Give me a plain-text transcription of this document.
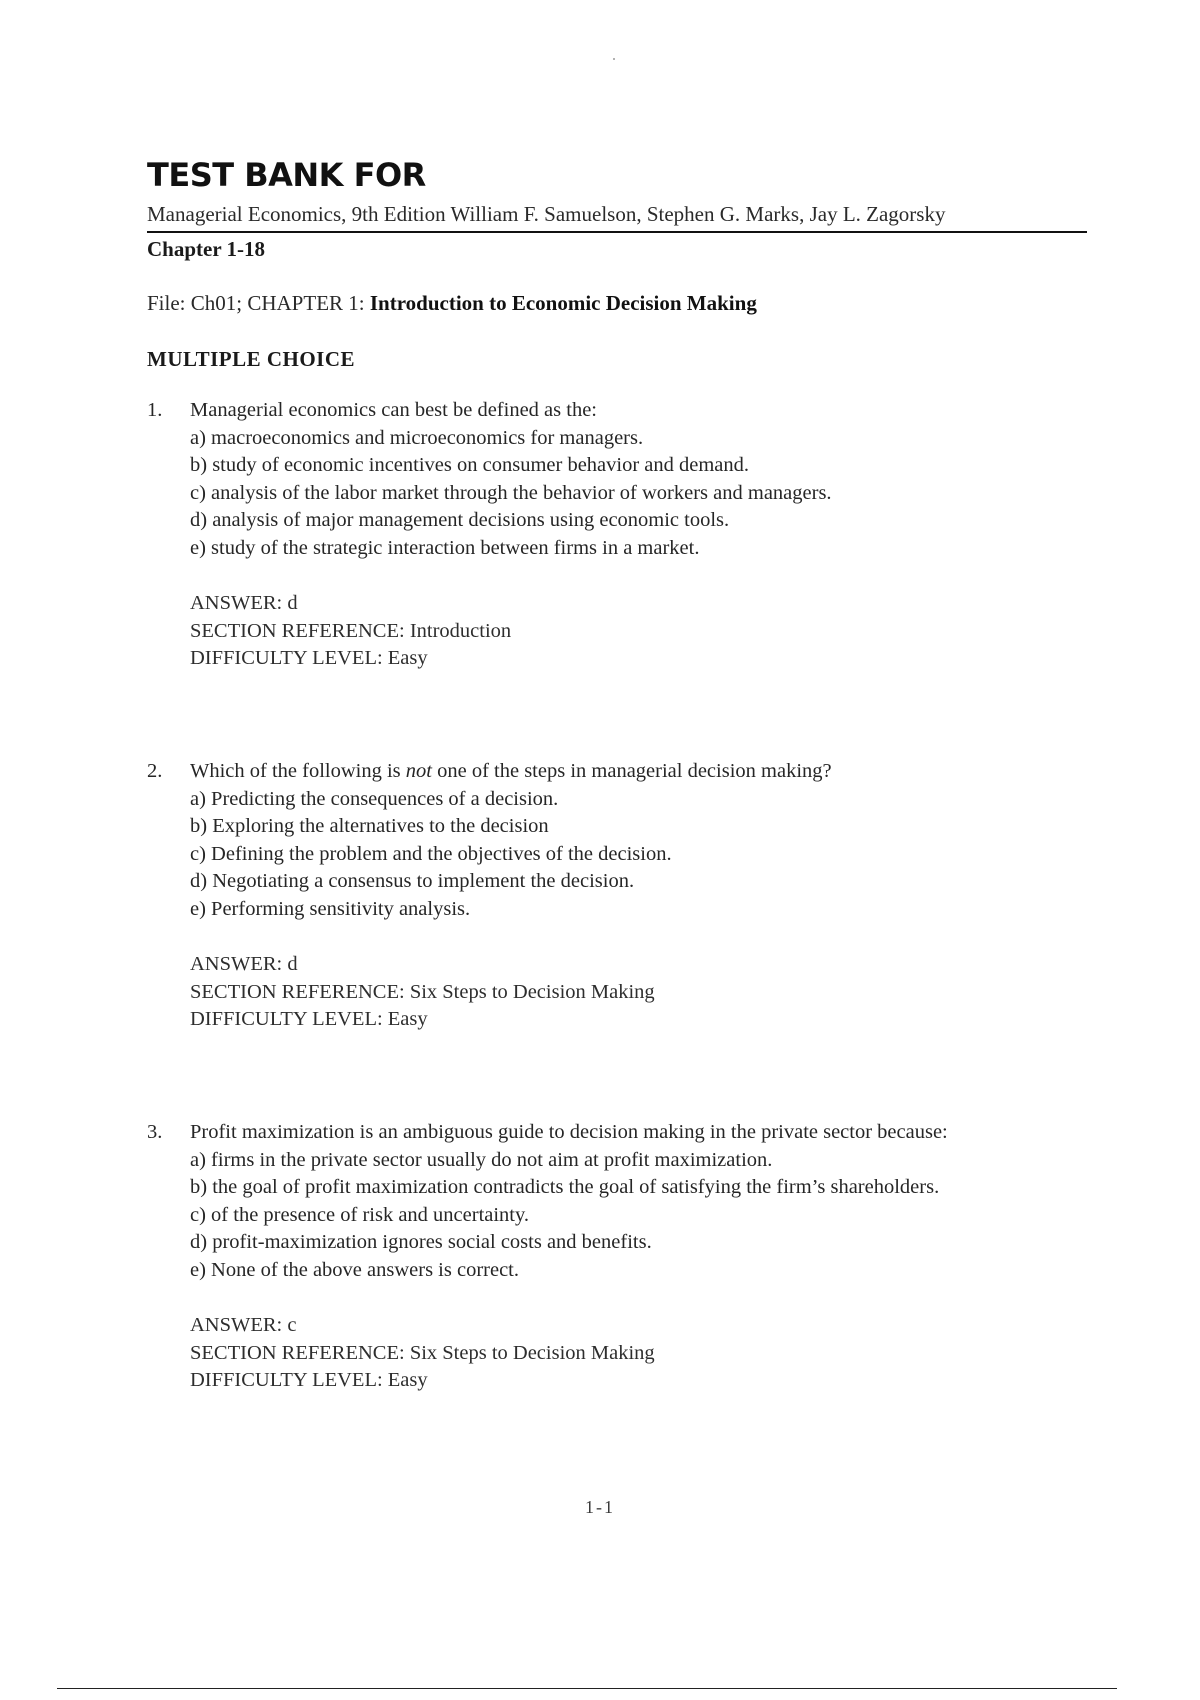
TEST BANK FOR
Managerial Economics, 9th Edition William F. Samuelson, Stephen G. Marks, Jay L. Zagorsky
Chapter 1-18
File: Ch01; CHAPTER 1: Introduction to Economic Decision Making
MULTIPLE CHOICE
1. Managerial economics can best be defined as the:
a) macroeconomics and microeconomics for managers.
b) study of economic incentives on consumer behavior and demand.
c) analysis of the labor market through the behavior of workers and managers.
d) analysis of major management decisions using economic tools.
e) study of the strategic interaction between firms in a market.
ANSWER: d
SECTION REFERENCE: Introduction
DIFFICULTY LEVEL: Easy
2. Which of the following is not one of the steps in managerial decision making?
a) Predicting the consequences of a decision.
b) Exploring the alternatives to the decision
c) Defining the problem and the objectives of the decision.
d) Negotiating a consensus to implement the decision.
e) Performing sensitivity analysis.
ANSWER: d
SECTION REFERENCE: Six Steps to Decision Making
DIFFICULTY LEVEL: Easy
3. Profit maximization is an ambiguous guide to decision making in the private sector because:
a) firms in the private sector usually do not aim at profit maximization.
b) the goal of profit maximization contradicts the goal of satisfying the firm’s shareholders.
c) of the presence of risk and uncertainty.
d) profit-maximization ignores social costs and benefits.
e) None of the above answers is correct.
ANSWER: c
SECTION REFERENCE: Six Steps to Decision Making
DIFFICULTY LEVEL: Easy
1-1
